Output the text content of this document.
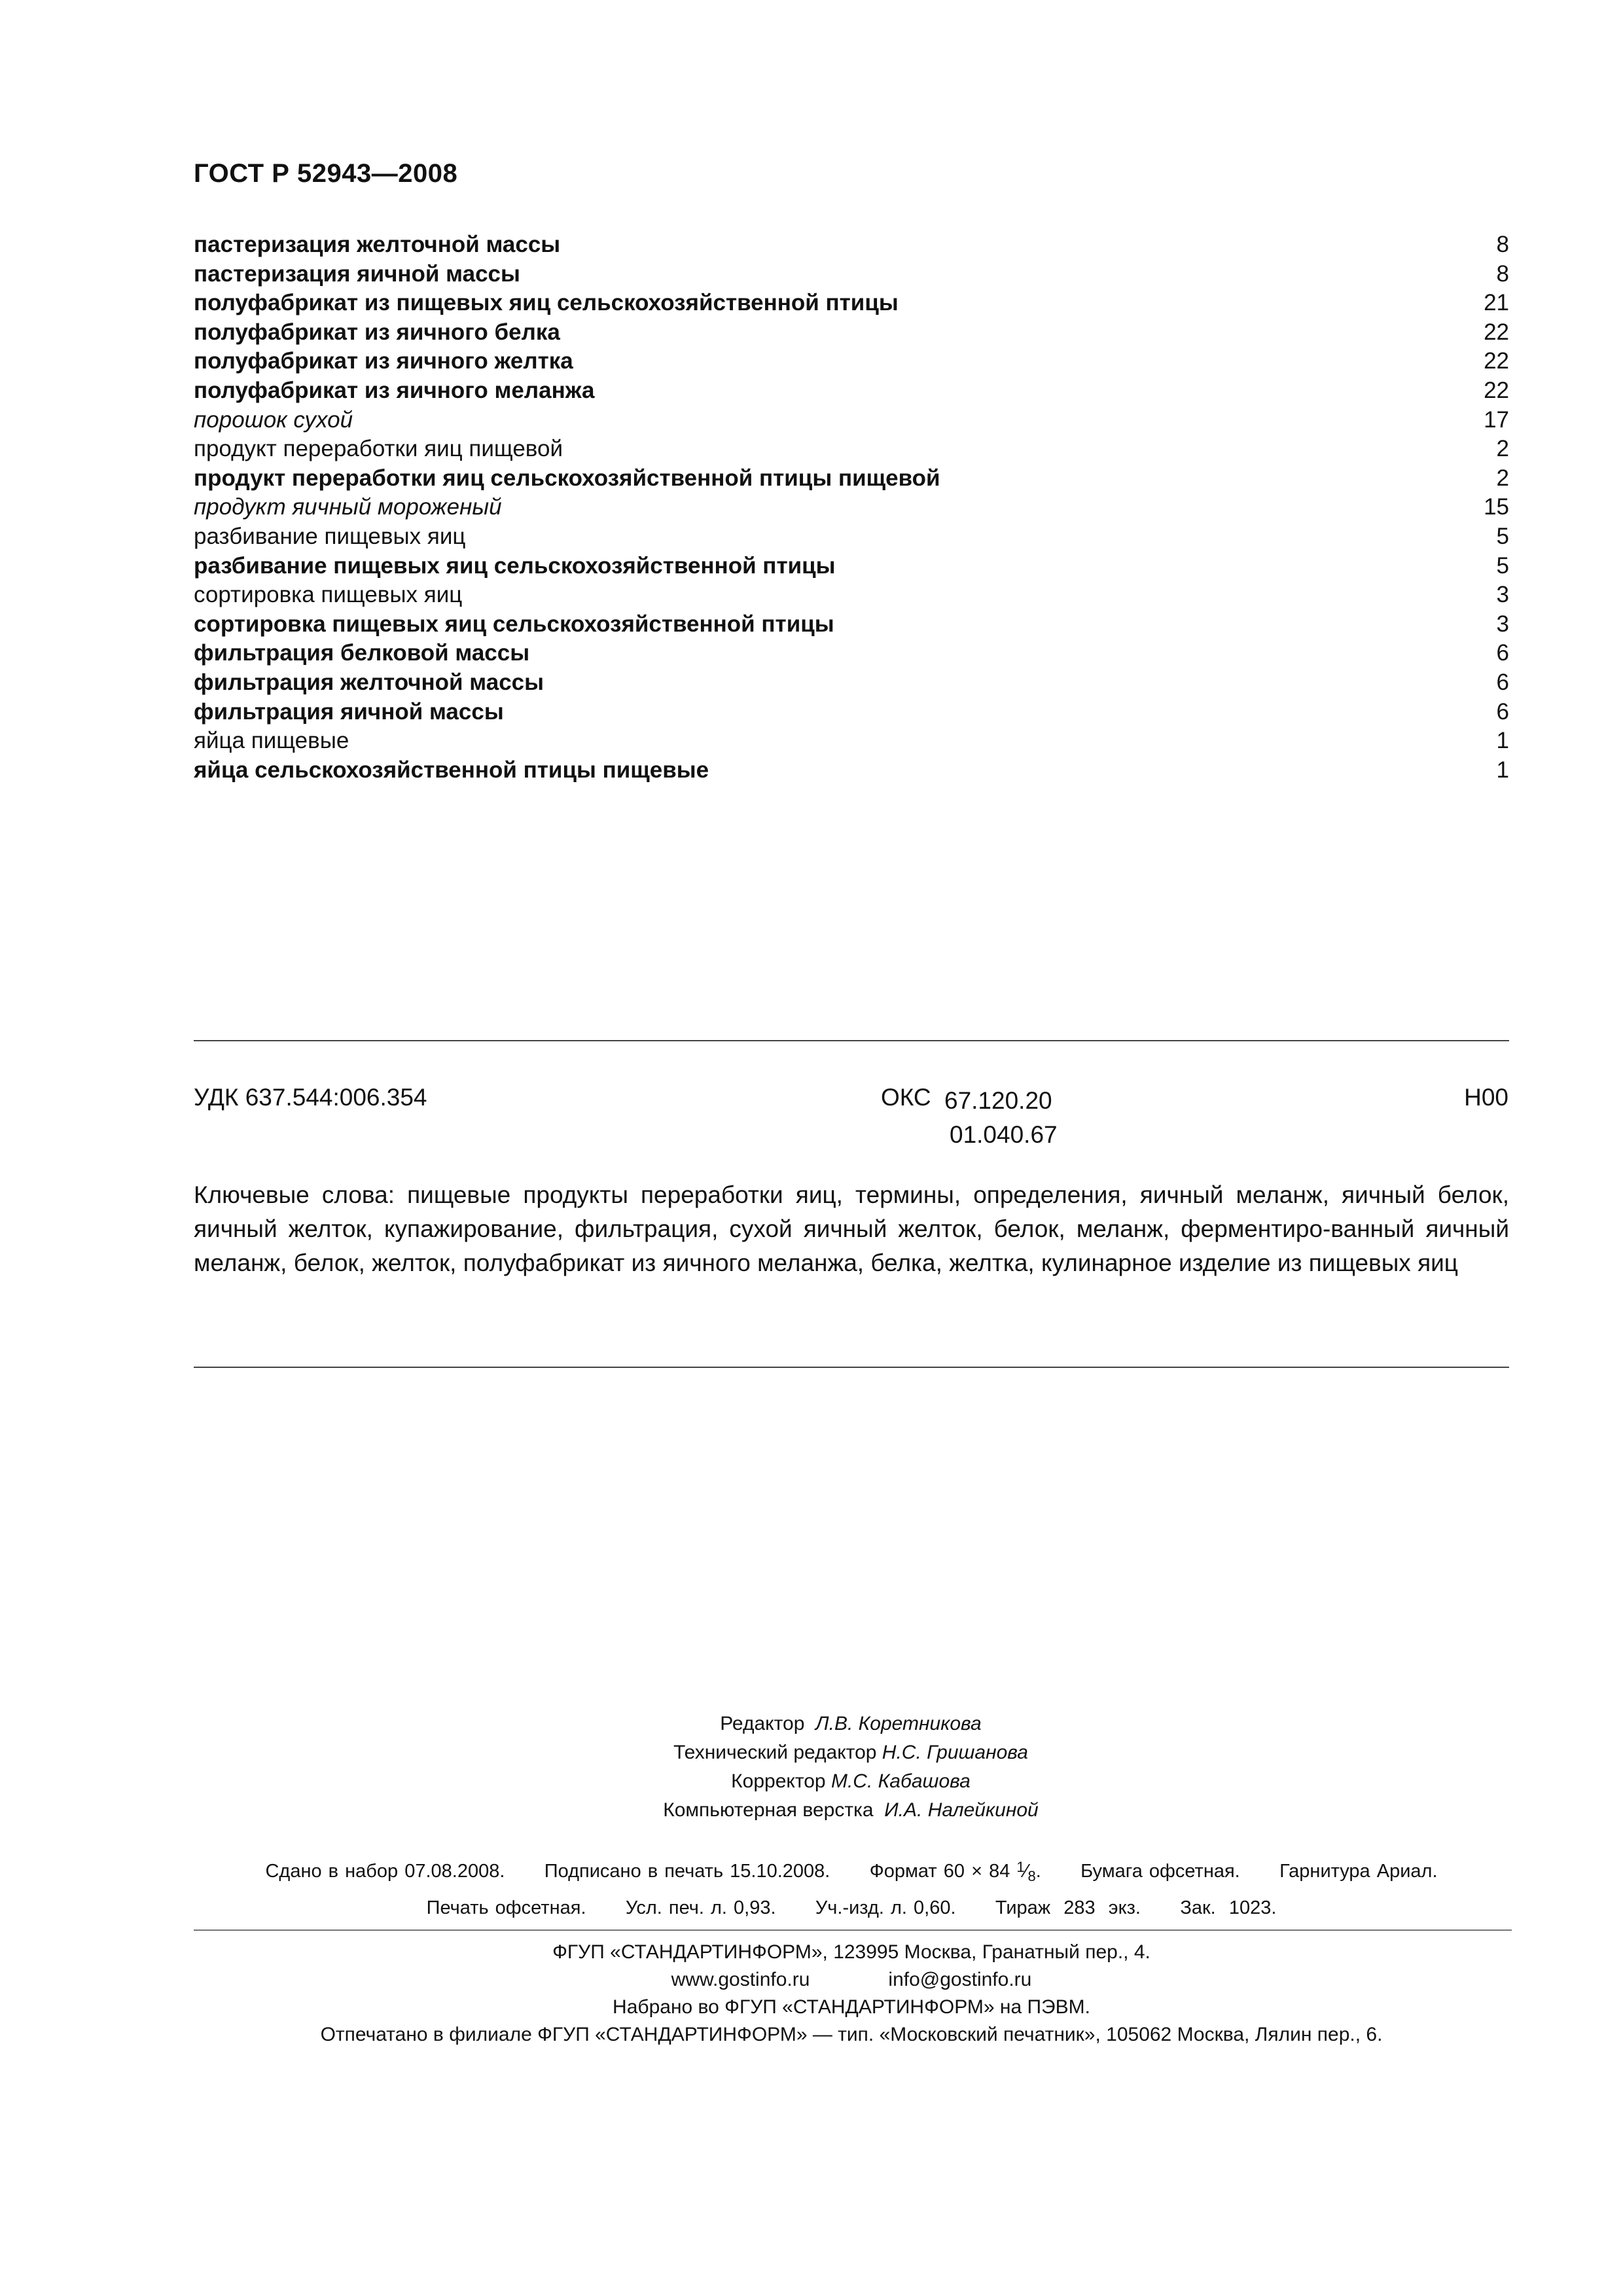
ГОСТ Р 52943—2008
пастеризация желточной массы	8
пастеризация яичной массы	8
полуфабрикат из пищевых яиц сельскохозяйственной птицы	21
полуфабрикат из яичного белка	22
полуфабрикат из яичного желтка	22
полуфабрикат из яичного меланжа	22
порошок сухой	17
продукт переработки яиц пищевой	2
продукт переработки яиц сельскохозяйственной птицы пищевой	2
продукт яичный мороженый	15
разбивание пищевых яиц	5
разбивание пищевых яиц сельскохозяйственной птицы	5
сортировка пищевых яиц	3
сортировка пищевых яиц сельскохозяйственной птицы	3
фильтрация белковой массы	6
фильтрация желточной массы	6
фильтрация яичной массы	6
яйца пищевые	1
яйца сельскохозяйственной птицы пищевые	1
УДК 637.544:006.354	ОКС 67.120.20
01.040.67
Н00
Ключевые слова: пищевые продукты переработки яиц, термины, определения, яичный меланж, яичный белок, яичный желток, купажирование, фильтрация, сухой яичный желток, белок, меланж, ферментиро-ванный яичный меланж, белок, желток, полуфабрикат из яичного меланжа, белка, желтка, кулинарное изделие из пищевых яиц
Редактор Л.В. Коретникова
Технический редактор Н.С. Гришанова
Корректор М.С. Кабашова
Компьютерная верстка И.А. Налейкиной
Сдано в набор 07.08.2008. Подписано в печать 15.10.2008. Формат 60 × 84 $^1⁄_8$. Бумага офсетная. Гарнитура Ариал.
Печать офсетная. Усл. печ. л. 0,93. Уч.-изд. л. 0,60. Тираж  283  экз. Зак.  1023.
ФГУП «СТАНДАРТИНФОРМ», 123995 Москва, Гранатный пер., 4.
www.gostinfo.ru	info@gostinfo.ru
Набрано во ФГУП «СТАНДАРТИНФОРМ» на ПЭВМ.
Отпечатано в филиале ФГУП «СТАНДАРТИНФОРМ» — тип. «Московский печатник», 105062 Москва, Лялин пер., 6.
